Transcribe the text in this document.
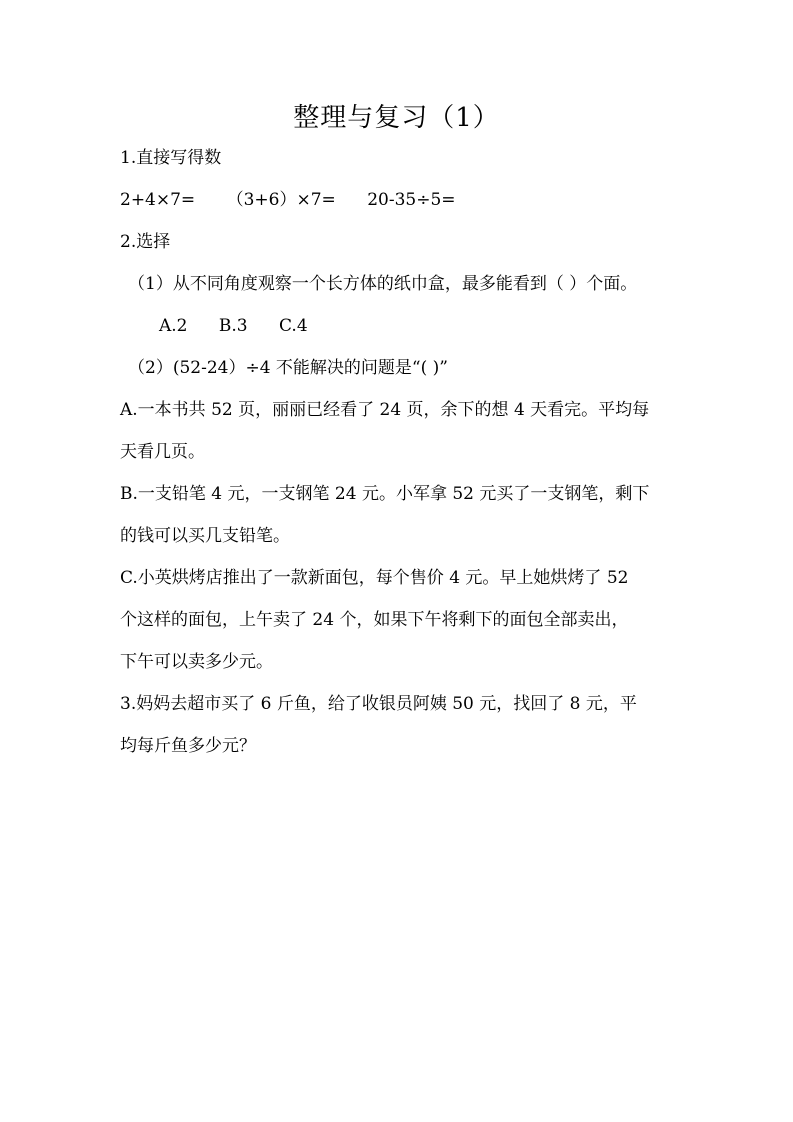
整理与复习（1）
1.直接写得数
2+4×7= （3+6）×7= 20-35÷5=
2.选择
（1）从不同角度观察一个长方体的纸巾盒，最多能看到（ ）个面。
A.2 B.3 C.4
（2）(52-24）÷4 不能解决的问题是“( )”
A.一本书共 52 页，丽丽已经看了 24 页，余下的想 4 天看完。平均每
天看几页。
B.一支铅笔 4 元，一支钢笔 24 元。小军拿 52 元买了一支钢笔，剩下
的钱可以买几支铅笔。
C.小英烘烤店推出了一款新面包，每个售价 4 元。早上她烘烤了 52
个这样的面包，上午卖了 24 个，如果下午将剩下的面包全部卖出，
下午可以卖多少元。
3.妈妈去超市买了 6 斤鱼，给了收银员阿姨 50 元，找回了 8 元，平
均每斤鱼多少元？
